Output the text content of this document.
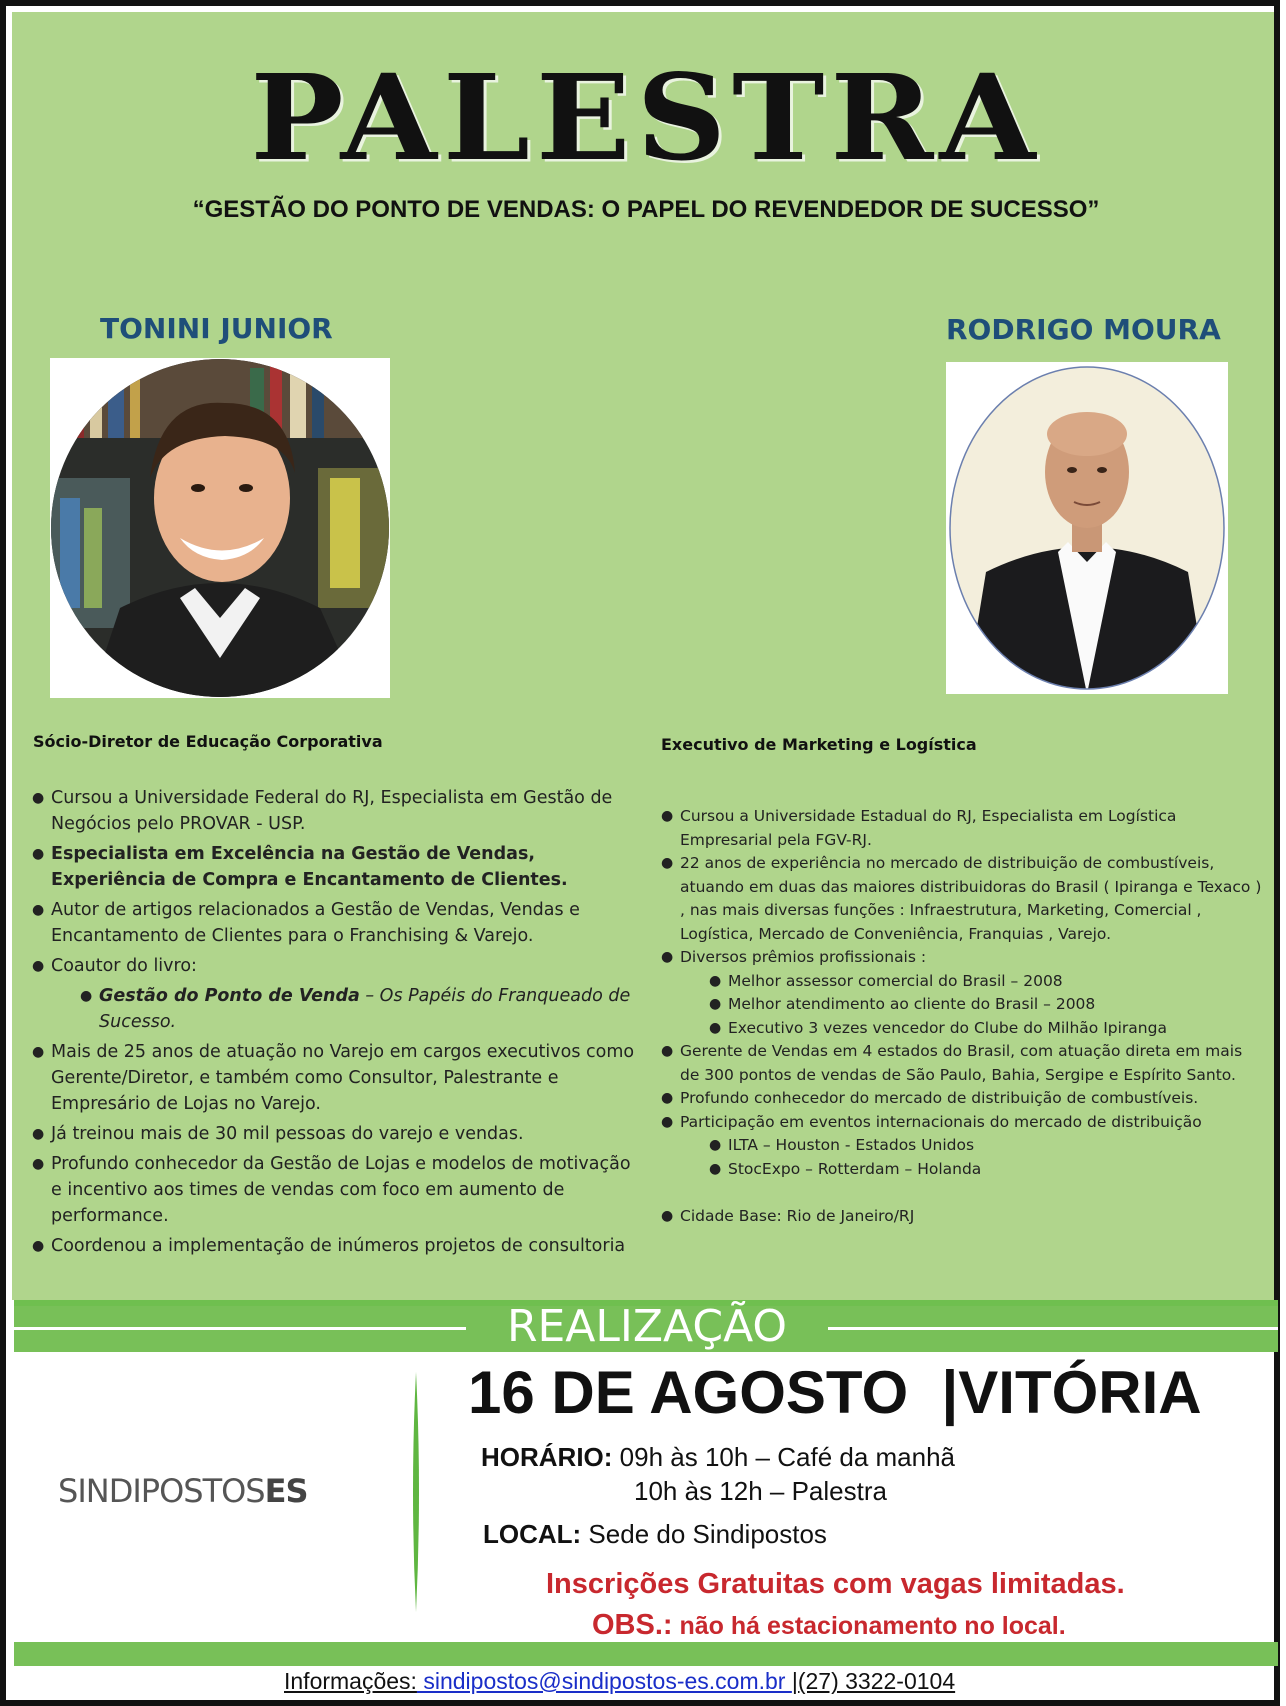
PALESTRA
“GESTÃO DO PONTO DE VENDAS: O PAPEL DO REVENDEDOR DE SUCESSO”
TONINI JUNIOR
Sócio-Diretor de Educação Corporativa
● Cursou a Universidade Federal do RJ, Especialista em Gestão de Negócios pelo PROVAR - USP.
● Especialista em Excelência na Gestão de Vendas, Experiência de Compra e Encantamento de Clientes.
● Autor de artigos relacionados a Gestão de Vendas, Vendas e Encantamento de Clientes para o Franchising & Varejo.
● Coautor do livro:
● Gestão do Ponto de Venda – Os Papéis do Franqueado de Sucesso.
● Mais de 25 anos de atuação no Varejo em cargos executivos como Gerente/Diretor, e também como Consultor, Palestrante e Empresário de Lojas no Varejo.
● Já treinou mais de 30 mil pessoas do varejo e vendas.
● Profundo conhecedor da Gestão de Lojas e modelos de motivação e incentivo aos times de vendas com foco em aumento de performance.
● Coordenou a implementação de inúmeros projetos de consultoria
RODRIGO MOURA
Executivo de Marketing e Logística
● Cursou a Universidade Estadual do RJ, Especialista em Logística Empresarial pela FGV-RJ.
● 22 anos de experiência no mercado de distribuição de combustíveis, atuando em duas das maiores distribuidoras do Brasil ( Ipiranga e Texaco ) , nas mais diversas funções : Infraestrutura, Marketing, Comercial , Logística, Mercado de Conveniência, Franquias , Varejo.
● Diversos prêmios profissionais :
● Melhor assessor comercial do Brasil – 2008
● Melhor atendimento ao cliente do Brasil – 2008
● Executivo 3 vezes vencedor do Clube do Milhão Ipiranga
● Gerente de Vendas em 4 estados do Brasil, com atuação direta em mais de 300 pontos de vendas de São Paulo, Bahia, Sergipe e Espírito Santo.
● Profundo conhecedor do mercado de distribuição de combustíveis.
● Participação em eventos internacionais do mercado de distribuição
● ILTA – Houston - Estados Unidos
● StocExpo – Rotterdam – Holanda
● Cidade Base: Rio de Janeiro/RJ
REALIZAÇÃO
SINDIPOSTOSES
16 DE AGOSTO  |VITÓRIA
HORÁRIO: 09h às 10h – Café da manhã
10h às 12h – Palestra
LOCAL: Sede do Sindipostos
Inscrições Gratuitas com vagas limitadas.
OBS.: não há estacionamento no local.
Informações: sindipostos@sindipostos-es.com.br |(27) 3322-0104
